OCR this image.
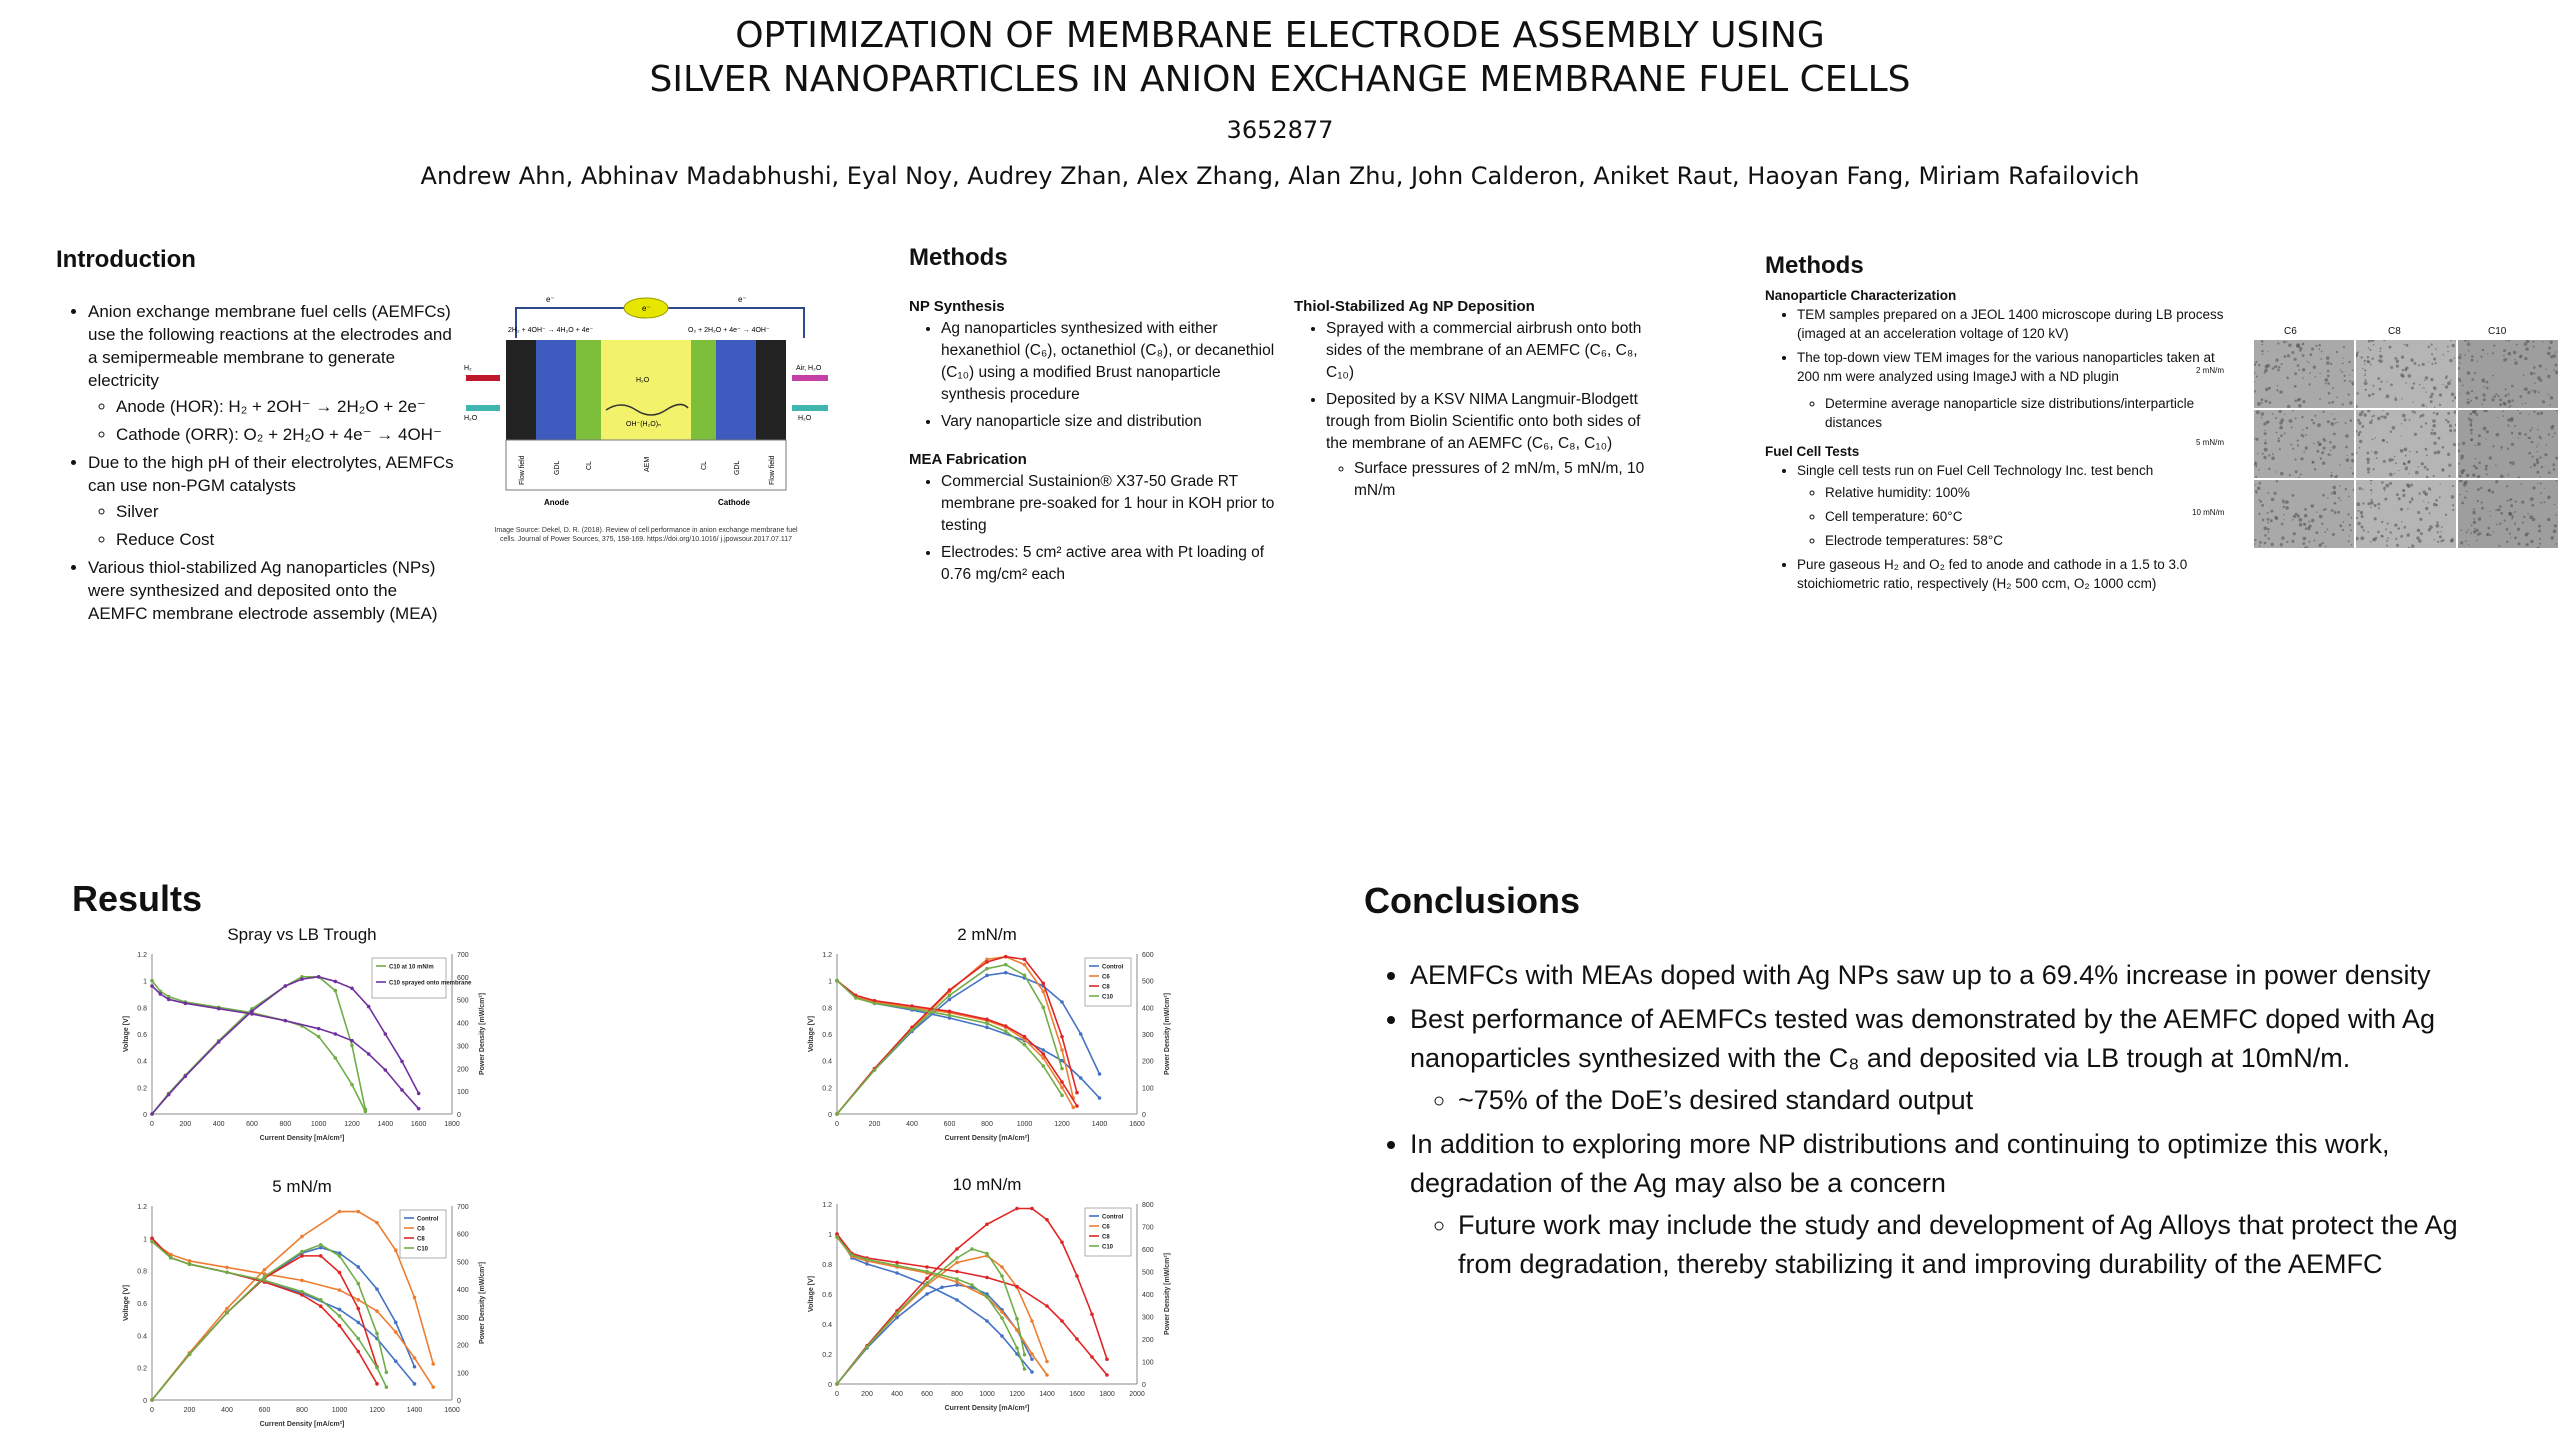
OPTIMIZATION OF MEMBRANE ELECTRODE ASSEMBLY USING
SILVER NANOPARTICLES IN ANION EXCHANGE MEMBRANE FUEL CELLS
3652877
Andrew Ahn, Abhinav Madabhushi, Eyal Noy, Audrey Zhan, Alex Zhang, Alan Zhu, John Calderon, Aniket Raut, Haoyan Fang, Miriam Rafailovich
Introduction
• Anion exchange membrane fuel cells (AEMFCs) use the following reactions at the electrodes and a semipermeable membrane to generate electricity
◦ Anode (HOR): H₂ + 2OH⁻ → 2H₂O + 2e⁻
◦ Cathode (ORR): O₂ + 2H₂O + 4e⁻ → 4OH⁻
• Due to the high pH of their electrolytes, AEMFCs can use non-PGM catalysts
◦ Silver
◦ Reduce Cost
• Various thiol-stabilized Ag nanoparticles (NPs) were synthesized and deposited onto the AEMFC membrane electrode assembly (MEA)
e⁻
e⁻
e⁻
2H₂ + 4OH⁻ → 4H₂O + 4e⁻	O₂ + 2H₂O + 4e⁻ → 4OH⁻
H₂
H₂O
H₂O
OH⁻(H₂O)ₙ
Air, H₂O
H₂O
Flow field	GDL	CL	AEM	CL	GDL	Flow field
Anode	Cathode
Image Source: Dekel, D. R. (2018). Review of cell performance in anion exchange membrane fuel cells. Journal of Power Sources, 375, 158-169. https://doi.org/10.1016/ j.jpowsour.2017.07.117
Methods
NP Synthesis
• Ag nanoparticles synthesized with either hexanethiol (C₆), octanethiol (C₈), or decanethiol (C₁₀) using a modified Brust nanoparticle synthesis procedure
• Vary nanoparticle size and distribution
MEA Fabrication
• Commercial Sustainion® X37-50 Grade RT membrane pre-soaked for 1 hour in KOH prior to testing
• Electrodes: 5 cm² active area with Pt loading of 0.76 mg/cm² each
Thiol-Stabilized Ag NP Deposition
• Sprayed with a commercial airbrush onto both sides of the membrane of an AEMFC (C₆, C₈, C₁₀)
• Deposited by a KSV NIMA Langmuir-Blodgett trough from Biolin Scientific onto both sides of the membrane of an AEMFC (C₆, C₈, C₁₀)
◦ Surface pressures of 2 mN/m, 5 mN/m, 10 mN/m
Methods
Nanoparticle Characterization
• TEM samples prepared on a JEOL 1400 microscope during LB process (imaged at an acceleration voltage of 120 kV)
• The top-down view TEM images for the various nanoparticles taken at 200 nm were analyzed using ImageJ with a ND plugin
◦ Determine average nanoparticle size distributions/interparticle distances
Fuel Cell Tests
• Single cell tests run on Fuel Cell Technology Inc. test bench
◦ Relative humidity: 100%
◦ Cell temperature: 60°C
◦ Electrode temperatures: 58°C
• Pure gaseous H₂ and O₂ fed to anode and cathode in a 1.5 to 3.0 stoichiometric ratio, respectively (H₂ 500 ccm, O₂ 1000 ccm)
C6	C8	C10
2 mN/m
5 mN/m
10 mN/m
Results
Spray vs LB Trough
0	200	400	600	800	1000	1200	1400	1600	1800
0
0.2
0.4
0.6
0.8
1
1.2
0
100
200
300
400
500
600
700
Current Density [mA/cm²]
Voltage [V]	Power Density [mW/cm²]
C10 at 10 mN/m
C10 sprayed onto membrane
2 mN/m
0	200	400	600	800	1000	1200	1400	1600
0
0.2
0.4
0.6
0.8
1
1.2
0
100
200
300
400
500
600
Current Density [mA/cm²]
Voltage [V]	Power Density [mW/cm²]
Control
C6
C8
C10
5 mN/m
0	200	400	600	800	1000	1200	1400	1600
0
0.2
0.4
0.6
0.8
1
1.2
0
100
200
300
400
500
600
700
Current Density [mA/cm²]
Voltage [V]	Power Density [mW/cm²]
Control
C6
C8
C10
10 mN/m
0	200	400	600	800 1000 1200 1400 1600 1800 2000
0
0.2
0.4
0.6
0.8
1
1.2
0
100
200
300
400
500
600
700
800
Current Density [mA/cm²]
Voltage [V]	Power Density [mW/cm²]
Control
C6
C8
C10
Conclusions
• AEMFCs with MEAs doped with Ag NPs saw up to a 69.4% increase in power density
• Best performance of AEMFCs tested was demonstrated by the AEMFC doped with Ag nanoparticles synthesized with the C₈ and deposited via LB trough at 10mN/m.
◦ ~75% of the DoE’s desired standard output
• In addition to exploring more NP distributions and continuing to optimize this work, degradation of the Ag may also be a concern
◦ Future work may include the study and development of Ag Alloys that protect the Ag from degradation, thereby stabilizing it and improving durability of the AEMFC
